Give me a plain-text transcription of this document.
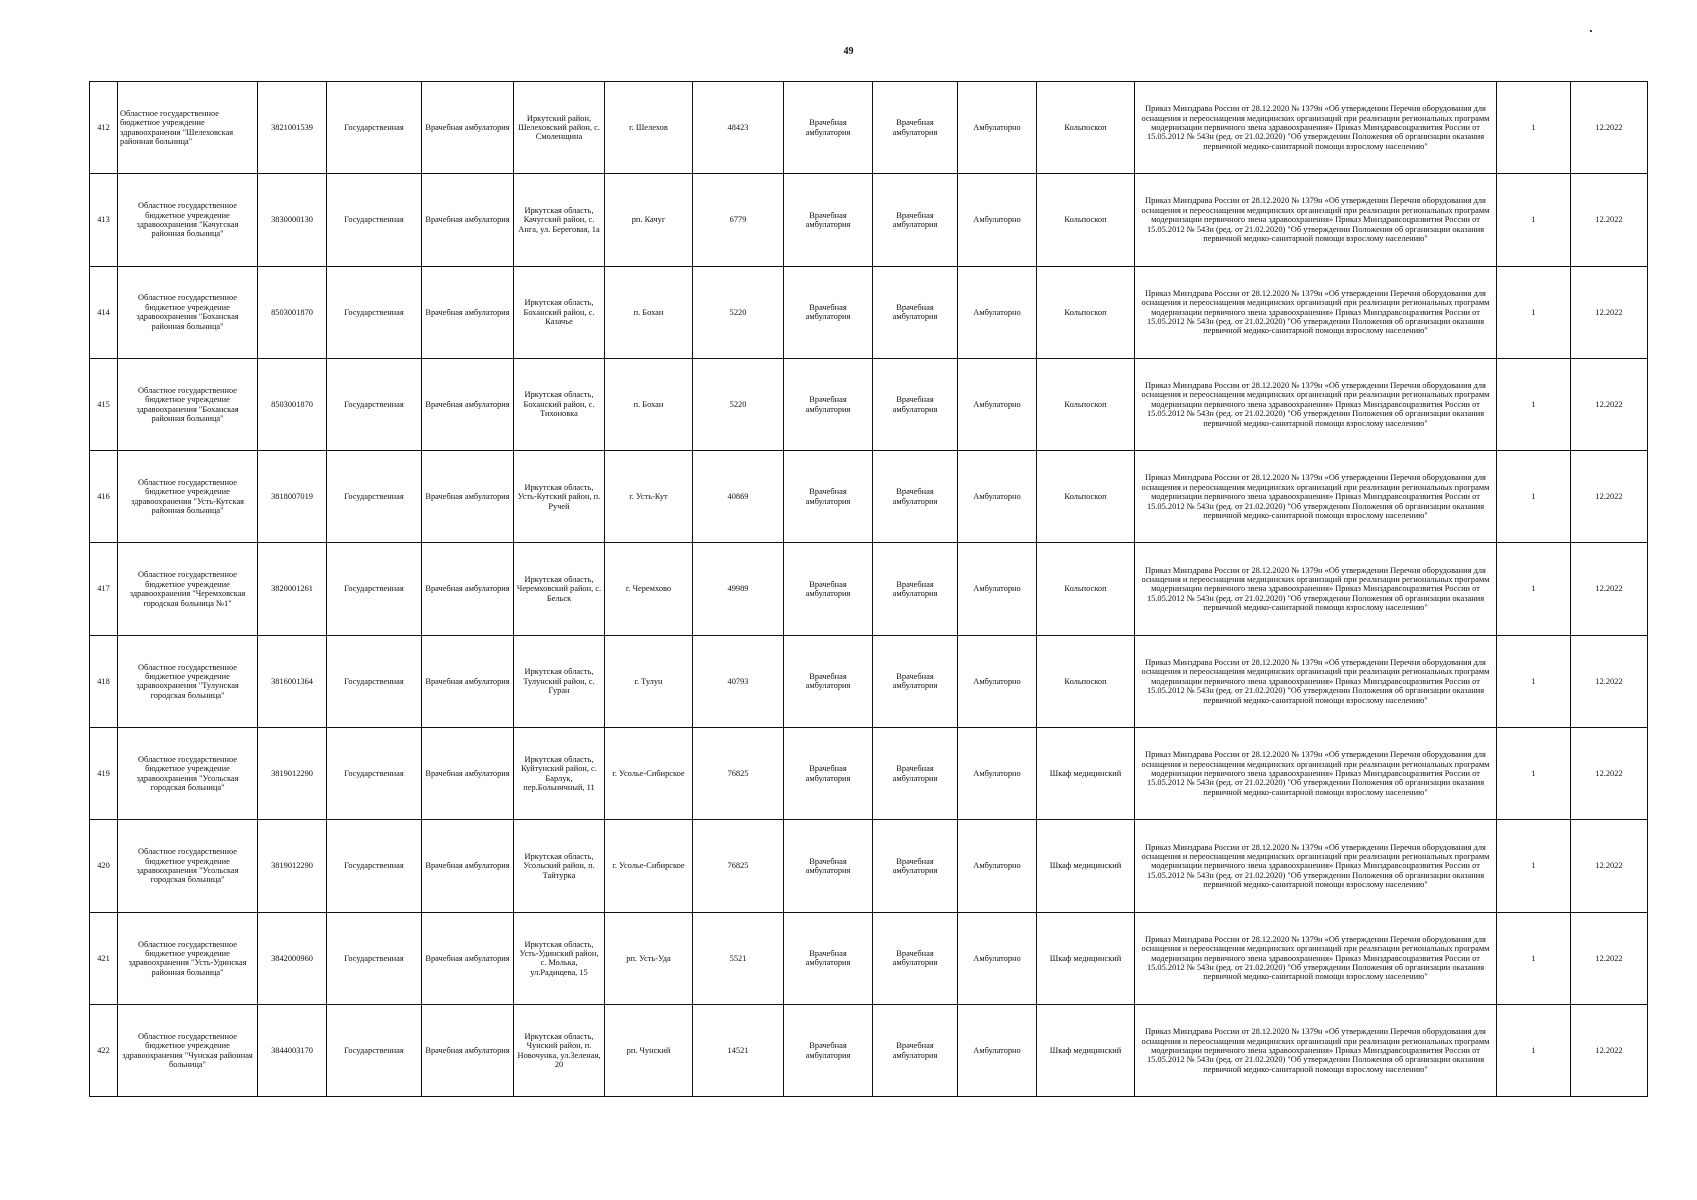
49
412	Областное государственное бюджетное учреждение здравоохранения "Шелеховская районная больница"	3821001539	Государственная	Врачебная амбулатория	Иркутский район, Шелеховский район, с. Смоленщина	г. Шелехов	48423	Врачебная амбулатория	Врачебная амбулатория	Амбулаторно	Кольпоскоп	Приказ Минздрава России от 28.12.2020 № 1379н «Об утверждении Перечня оборудования для оснащения и переоснащения медицинских организаций при реализации региональных программ модернизации первичного звена здравоохранения» Приказ Минздравсоцразвития России от 15.05.2012 № 543н (ред. от 21.02.2020) "Об утверждении Положения об организации оказания первичной медико-санитарной помощи взрослому населению"	1	12.2022
413	Областное государственное бюджетное учреждение здравоохранения "Качугская районная больница"	3830000130	Государственная	Врачебная амбулатория	Иркутская область, Качугский район, с. Анга, ул. Береговая, 1а	рп. Качуг	6779	Врачебная амбулатория	Врачебная амбулатория	Амбулаторно	Кольпоскоп	Приказ Минздрава России от 28.12.2020 № 1379н «Об утверждении Перечня оборудования для оснащения и переоснащения медицинских организаций при реализации региональных программ модернизации первичного звена здравоохранения» Приказ Минздравсоцразвития России от 15.05.2012 № 543н (ред. от 21.02.2020) "Об утверждении Положения об организации оказания первичной медико-санитарной помощи взрослому населению"	1	12.2022
414	Областное государственное бюджетное учреждение здравоохранения "Боханская районная больница"	8503001870	Государственная	Врачебная амбулатория	Иркутская область, Боханский район, с. Казачье	п. Бохан	5220	Врачебная амбулатория	Врачебная амбулатория	Амбулаторно	Кольпоскоп	Приказ Минздрава России от 28.12.2020 № 1379н «Об утверждении Перечня оборудования для оснащения и переоснащения медицинских организаций при реализации региональных программ модернизации первичного звена здравоохранения» Приказ Минздравсоцразвития России от 15.05.2012 № 543н (ред. от 21.02.2020) "Об утверждении Положения об организации оказания первичной медико-санитарной помощи взрослому населению"	1	12.2022
415	Областное государственное бюджетное учреждение здравоохранения "Боханская районная больница"	8503001870	Государственная	Врачебная амбулатория	Иркутская область, Боханский район, с. Тихоновка	п. Бохан	5220	Врачебная амбулатория	Врачебная амбулатория	Амбулаторно	Кольпоскоп	Приказ Минздрава России от 28.12.2020 № 1379н «Об утверждении Перечня оборудования для оснащения и переоснащения медицинских организаций при реализации региональных программ модернизации первичного звена здравоохранения» Приказ Минздравсоцразвития России от 15.05.2012 № 543н (ред. от 21.02.2020) "Об утверждении Положения об организации оказания первичной медико-санитарной помощи взрослому населению"	1	12.2022
416	Областное государственное бюджетное учреждение здравоохранения "Усть-Кутская районная больница"	3818007019	Государственная	Врачебная амбулатория	Иркутская область, Усть-Кутский район, п. Ручей	г. Усть-Кут	40869	Врачебная амбулатория	Врачебная амбулатория	Амбулаторно	Кольпоскоп	Приказ Минздрава России от 28.12.2020 № 1379н «Об утверждении Перечня оборудования для оснащения и переоснащения медицинских организаций при реализации региональных программ модернизации первичного звена здравоохранения» Приказ Минздравсоцразвития России от 15.05.2012 № 543н (ред. от 21.02.2020) "Об утверждении Положения об организации оказания первичной медико-санитарной помощи взрослому населению"	1	12.2022
417	Областное государственное бюджетное учреждение здравоохранения "Черемховская городская больница №1"	3820001261	Государственная	Врачебная амбулатория	Иркутская область, Черемховский район, с. Бельск	г. Черемхово	49989	Врачебная амбулатория	Врачебная амбулатория	Амбулаторно	Кольпоскоп	Приказ Минздрава России от 28.12.2020 № 1379н «Об утверждении Перечня оборудования для оснащения и переоснащения медицинских организаций при реализации региональных программ модернизации первичного звена здравоохранения» Приказ Минздравсоцразвития России от 15.05.2012 № 543н (ред. от 21.02.2020) "Об утверждении Положения об организации оказания первичной медико-санитарной помощи взрослому населению"	1	12.2022
418	Областное государственное бюджетное учреждение здравоохранения "Тулунская городская больница"	3816001364	Государственная	Врачебная амбулатория	Иркутская область, Тулунский район, с. Гуран	г. Тулун	40793	Врачебная амбулатория	Врачебная амбулатория	Амбулаторно	Кольпоскоп	Приказ Минздрава России от 28.12.2020 № 1379н «Об утверждении Перечня оборудования для оснащения и переоснащения медицинских организаций при реализации региональных программ модернизации первичного звена здравоохранения» Приказ Минздравсоцразвития России от 15.05.2012 № 543н (ред. от 21.02.2020) "Об утверждении Положения об организации оказания первичной медико-санитарной помощи взрослому населению"	1	12.2022
419	Областное государственное бюджетное учреждение здравоохранения "Усольская городская больница"	3819012290	Государственная	Врачебная амбулатория	Иркутская область, Куйтунский район, с. Барлук, пер.Больничный, 11	г. Усолье-Сибирское	76825	Врачебная амбулатория	Врачебная амбулатория	Амбулаторно	Шкаф медицинский	Приказ Минздрава России от 28.12.2020 № 1379н «Об утверждении Перечня оборудования для оснащения и переоснащения медицинских организаций при реализации региональных программ модернизации первичного звена здравоохранения» Приказ Минздравсоцразвития России от 15.05.2012 № 543н (ред. от 21.02.2020) "Об утверждении Положения об организации оказания первичной медико-санитарной помощи взрослому населению"	1	12.2022
420	Областное государственное бюджетное учреждение здравоохранения "Усольская городская больница"	3819012290	Государственная	Врачебная амбулатория	Иркутская область, Усольский район, п. Тайтурка	г. Усолье-Сибирское	76825	Врачебная амбулатория	Врачебная амбулатория	Амбулаторно	Шкаф медицинский	Приказ Минздрава России от 28.12.2020 № 1379н «Об утверждении Перечня оборудования для оснащения и переоснащения медицинских организаций при реализации региональных программ модернизации первичного звена здравоохранения» Приказ Минздравсоцразвития России от 15.05.2012 № 543н (ред. от 21.02.2020) "Об утверждении Положения об организации оказания первичной медико-санитарной помощи взрослому населению"	1	12.2022
421	Областное государственное бюджетное учреждение здравоохранения "Усть-Удинская районная больница"	3842000960	Государственная	Врачебная амбулатория	Иркутская область, Усть-Удинский район, с. Молька, ул.Радищева, 15	рп. Усть-Уда	5521	Врачебная амбулатория	Врачебная амбулатория	Амбулаторно	Шкаф медицинский	Приказ Минздрава России от 28.12.2020 № 1379н «Об утверждении Перечня оборудования для оснащения и переоснащения медицинских организаций при реализации региональных программ модернизации первичного звена здравоохранения» Приказ Минздравсоцразвития России от 15.05.2012 № 543н (ред. от 21.02.2020) "Об утверждении Положения об организации оказания первичной медико-санитарной помощи взрослому населению"	1	12.2022
422	Областное государственное бюджетное учреждение здравоохранения "Чунская районная больница"	3844003170	Государственная	Врачебная амбулатория	Иркутская область, Чунский район, п. Новочунка, ул.Зеленая, 20	рп. Чунский	14521	Врачебная амбулатория	Врачебная амбулатория	Амбулаторно	Шкаф медицинский	Приказ Минздрава России от 28.12.2020 № 1379н «Об утверждении Перечня оборудования для оснащения и переоснащения медицинских организаций при реализации региональных программ модернизации первичного звена здравоохранения» Приказ Минздравсоцразвития России от 15.05.2012 № 543н (ред. от 21.02.2020) "Об утверждении Положения об организации оказания первичной медико-санитарной помощи взрослому населению"	1	12.2022
